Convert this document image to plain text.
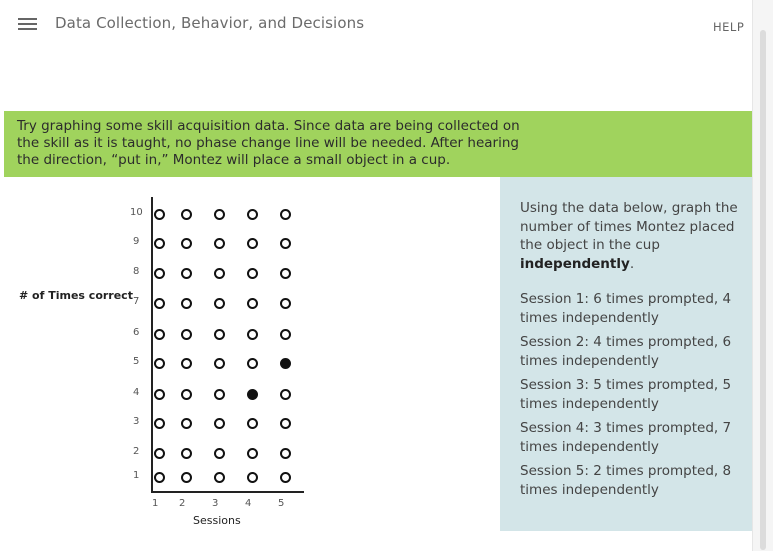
Data Collection, Behavior, and Decisions	HELP

Try graphing some skill acquisition data. Since data are being collected on the skill as it is taught, no phase change line will be needed. After hearing the direction, “put in,” Montez will place a small object in a cup.

# of Times correct
1
2
3
4
5
6
7
8
9
10
1 2	3	4	5
Sessions

Using the data below, graph the number of times Montez placed the object in the cup independently.

Session 1: 6 times prompted, 4 times independently

Session 2: 4 times prompted, 6 times independently

Session 3: 5 times prompted, 5 times independently

Session 4: 3 times prompted, 7 times independently

Session 5: 2 times prompted, 8 times independently
